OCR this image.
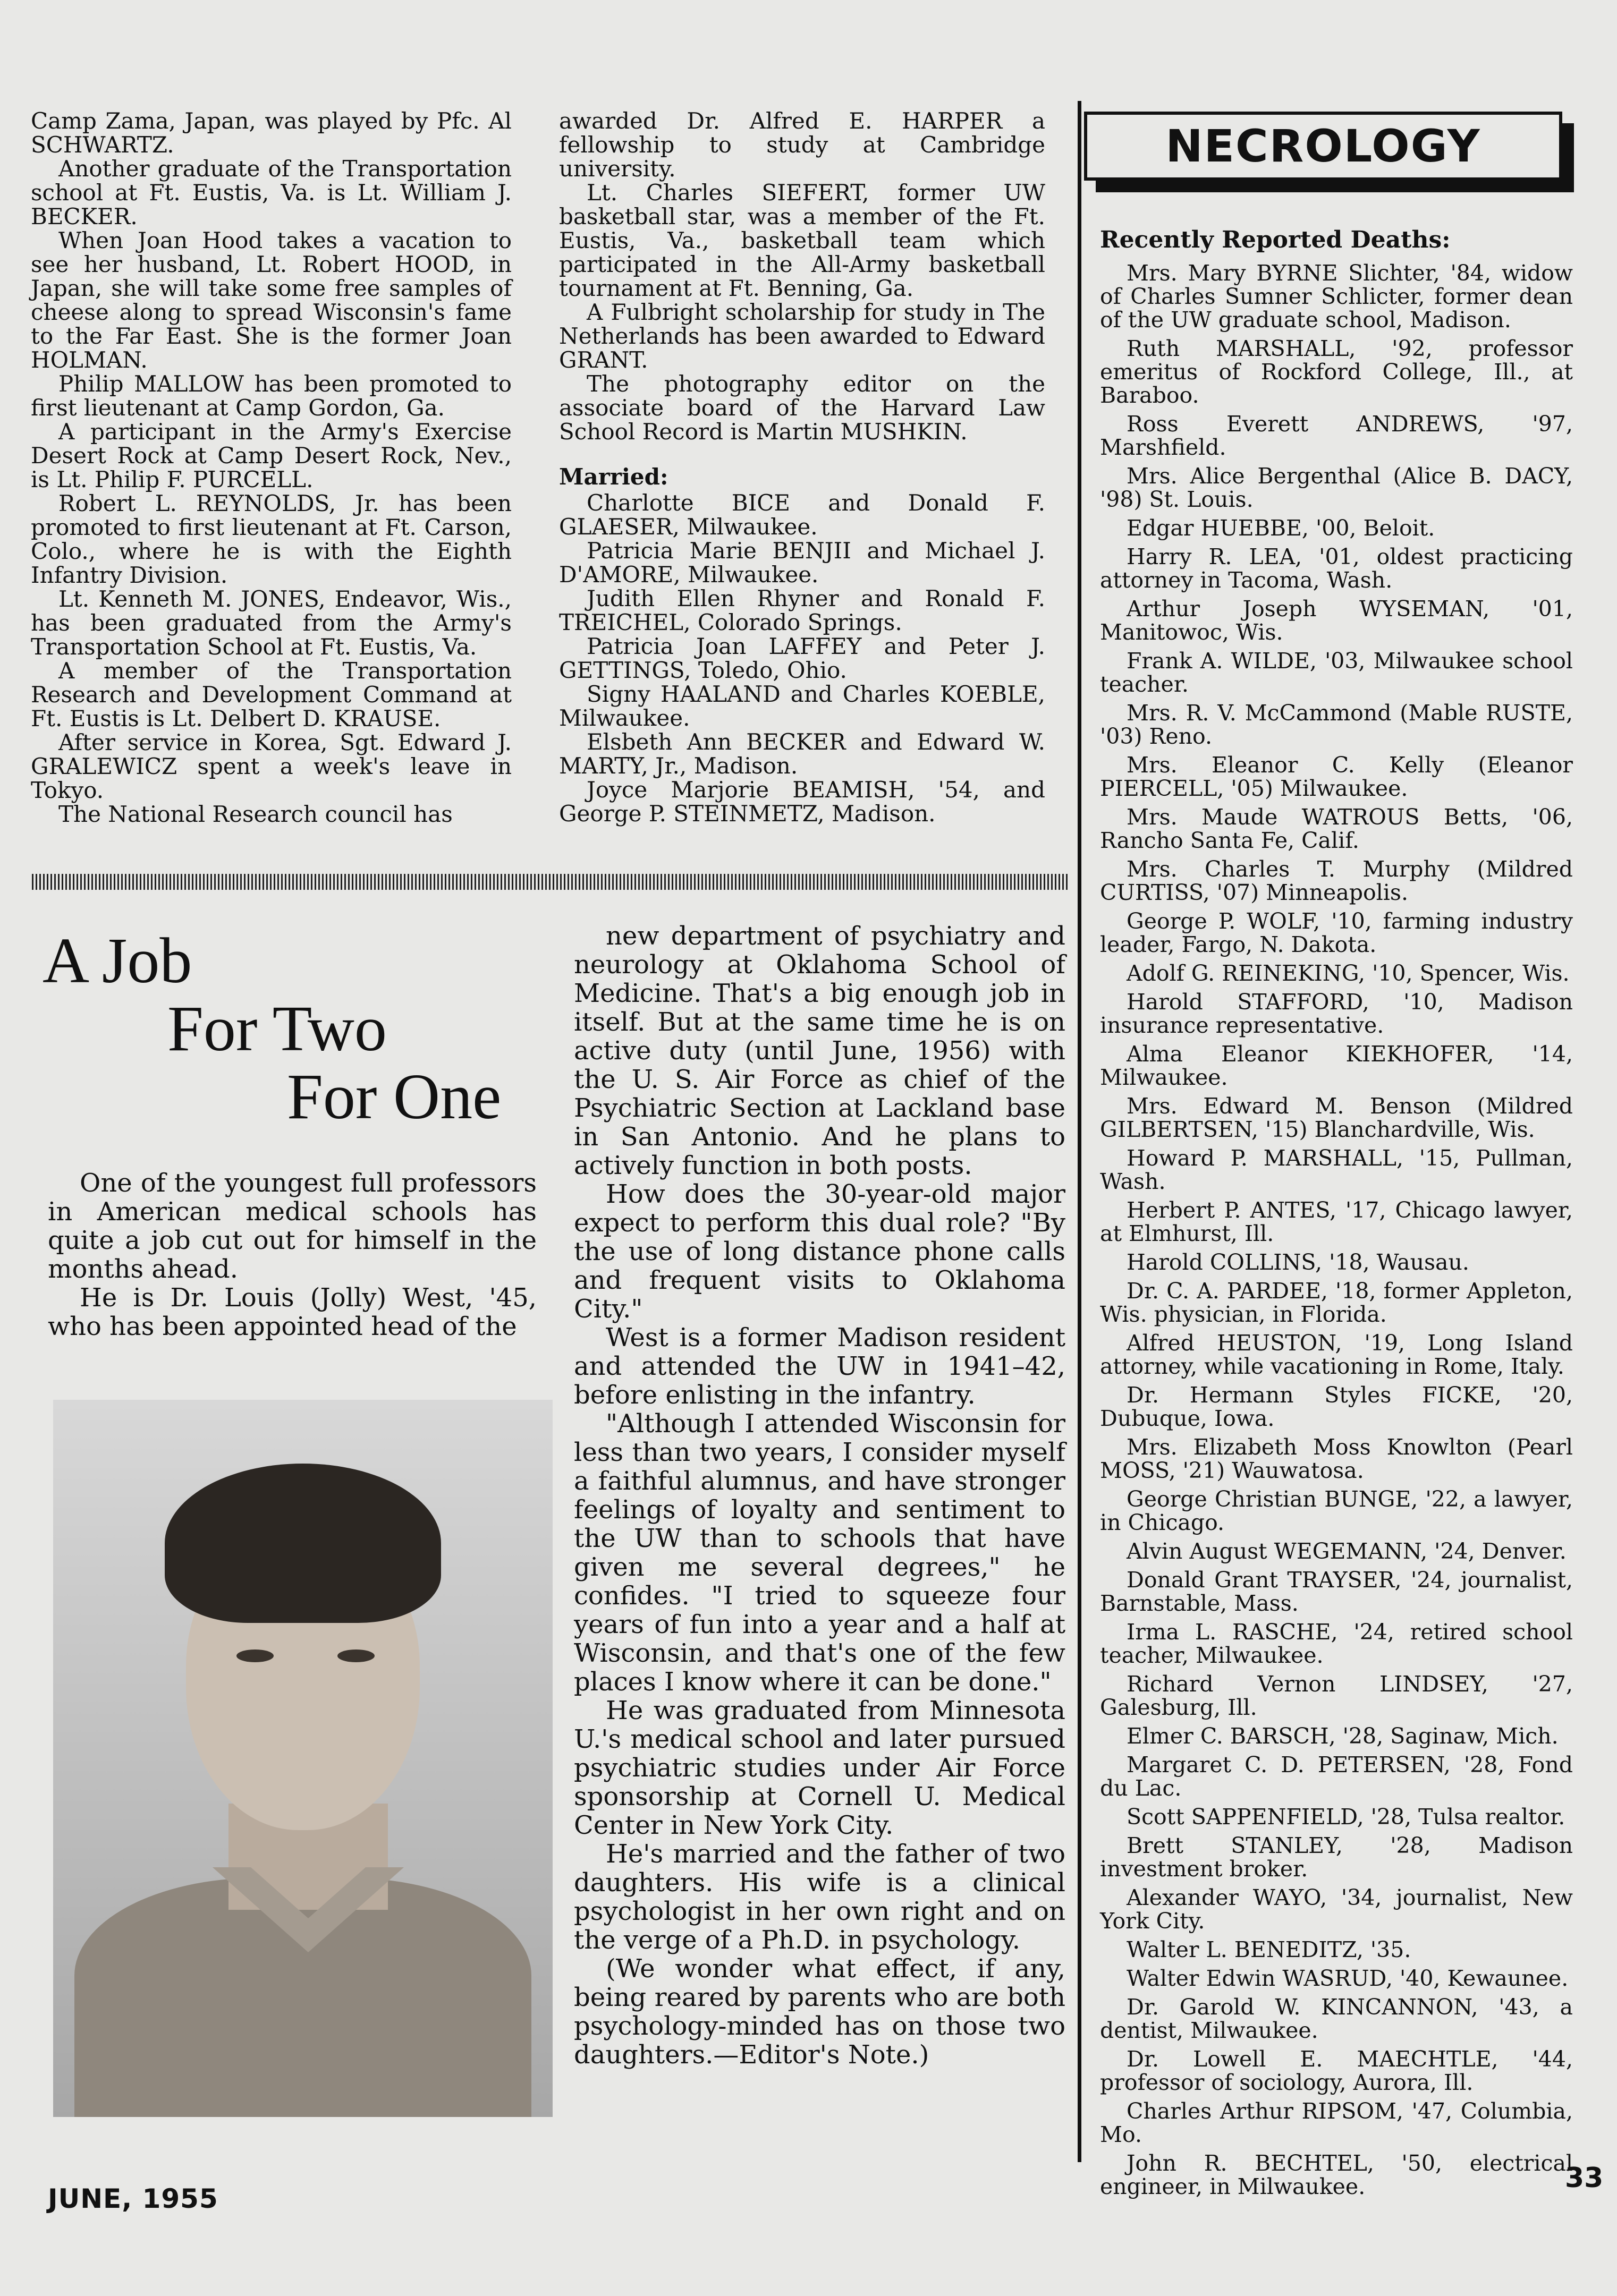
Camp Zama, Japan, was played by Pfc. Al SCHWARTZ.

Another graduate of the Transportation school at Ft. Eustis, Va. is Lt. William J. BECKER.

When Joan Hood takes a vacation to see her husband, Lt. Robert HOOD, in Japan, she will take some free samples of cheese along to spread Wisconsin's fame to the Far East. She is the former Joan HOLMAN.

Philip MALLOW has been promoted to first lieutenant at Camp Gordon, Ga.

A participant in the Army's Exercise Desert Rock at Camp Desert Rock, Nev., is Lt. Philip F. PURCELL.

Robert L. REYNOLDS, Jr. has been promoted to first lieutenant at Ft. Carson, Colo., where he is with the Eighth Infantry Division.

Lt. Kenneth M. JONES, Endeavor, Wis., has been graduated from the Army's Transportation School at Ft. Eustis, Va.

A member of the Transportation Research and Development Command at Ft. Eustis is Lt. Delbert D. KRAUSE.

After service in Korea, Sgt. Edward J. GRALEWICZ spent a week's leave in Tokyo.

The National Research council has

awarded Dr. Alfred E. HARPER a fellowship to study at Cambridge university.

Lt. Charles SIEFERT, former UW basketball star, was a member of the Ft. Eustis, Va., basketball team which participated in the All-Army basketball tournament at Ft. Benning, Ga.

A Fulbright scholarship for study in The Netherlands has been awarded to Edward GRANT.

The photography editor on the associate board of the Harvard Law School Record is Martin MUSHKIN.

Married:

Charlotte BICE and Donald F. GLAESER, Milwaukee.

Patricia Marie BENJII and Michael J. D'AMORE, Milwaukee.

Judith Ellen Rhyner and Ronald F. TREICHEL, Colorado Springs.

Patricia Joan LAFFEY and Peter J. GETTINGS, Toledo, Ohio.

Signy HAALAND and Charles KOEBLE, Milwaukee.

Elsbeth Ann BECKER and Edward W. MARTY, Jr., Madison.

Joyce Marjorie BEAMISH, '54, and George P. STEINMETZ, Madison.

A Job
For Two
For One

One of the youngest full professors in American medical schools has quite a job cut out for himself in the months ahead.

He is Dr. Louis (Jolly) West, '45, who has been appointed head of the

new department of psychiatry and neurology at Oklahoma School of Medicine. That's a big enough job in itself. But at the same time he is on active duty (until June, 1956) with the U. S. Air Force as chief of the Psychiatric Section at Lackland base in San Antonio. And he plans to actively function in both posts.

How does the 30-year-old major expect to perform this dual role? "By the use of long distance phone calls and frequent visits to Oklahoma City."

West is a former Madison resident and attended the UW in 1941–42, before enlisting in the infantry.

"Although I attended Wisconsin for less than two years, I consider myself a faithful alumnus, and have stronger feelings of loyalty and sentiment to the UW than to schools that have given me several degrees," he confides. "I tried to squeeze four years of fun into a year and a half at Wisconsin, and that's one of the few places I know where it can be done."

He was graduated from Minnesota U.'s medical school and later pursued psychiatric studies under Air Force sponsorship at Cornell U. Medical Center in New York City.

He's married and the father of two daughters. His wife is a clinical psychologist in her own right and on the verge of a Ph.D. in psychology.

(We wonder what effect, if any, being reared by parents who are both psychology-minded has on those two daughters.—Editor's Note.)

NECROLOGY
Recently Reported Deaths:

Mrs. Mary BYRNE Slichter, '84, widow of Charles Sumner Schlicter, former dean of the UW graduate school, Madison.

Ruth MARSHALL, '92, professor emeritus of Rockford College, Ill., at Baraboo.

Ross Everett ANDREWS, '97, Marshfield.

Mrs. Alice Bergenthal (Alice B. DACY, '98) St. Louis.

Edgar HUEBBE, '00, Beloit.

Harry R. LEA, '01, oldest practicing attorney in Tacoma, Wash.

Arthur Joseph WYSEMAN, '01, Manitowoc, Wis.

Frank A. WILDE, '03, Milwaukee school teacher.

Mrs. R. V. McCammond (Mable RUSTE, '03) Reno.

Mrs. Eleanor C. Kelly (Eleanor PIERCELL, '05) Milwaukee.

Mrs. Maude WATROUS Betts, '06, Rancho Santa Fe, Calif.

Mrs. Charles T. Murphy (Mildred CURTISS, '07) Minneapolis.

George P. WOLF, '10, farming industry leader, Fargo, N. Dakota.

Adolf G. REINEKING, '10, Spencer, Wis.

Harold STAFFORD, '10, Madison insurance representative.

Alma Eleanor KIEKHOFER, '14, Milwaukee.

Mrs. Edward M. Benson (Mildred GILBERTSEN, '15) Blanchardville, Wis.

Howard P. MARSHALL, '15, Pullman, Wash.

Herbert P. ANTES, '17, Chicago lawyer, at Elmhurst, Ill.

Harold COLLINS, '18, Wausau.

Dr. C. A. PARDEE, '18, former Appleton, Wis. physician, in Florida.

Alfred HEUSTON, '19, Long Island attorney, while vacationing in Rome, Italy.

Dr. Hermann Styles FICKE, '20, Dubuque, Iowa.

Mrs. Elizabeth Moss Knowlton (Pearl MOSS, '21) Wauwatosa.

George Christian BUNGE, '22, a lawyer, in Chicago.

Alvin August WEGEMANN, '24, Denver.

Donald Grant TRAYSER, '24, journalist, Barnstable, Mass.

Irma L. RASCHE, '24, retired school teacher, Milwaukee.

Richard Vernon LINDSEY, '27, Galesburg, Ill.

Elmer C. BARSCH, '28, Saginaw, Mich.

Margaret C. D. PETERSEN, '28, Fond du Lac.

Scott SAPPENFIELD, '28, Tulsa realtor.

Brett STANLEY, '28, Madison investment broker.

Alexander WAYO, '34, journalist, New York City.

Walter L. BENEDITZ, '35.

Walter Edwin WASRUD, '40, Kewaunee.

Dr. Garold W. KINCANNON, '43, a dentist, Milwaukee.

Dr. Lowell E. MAECHTLE, '44, professor of sociology, Aurora, Ill.

Charles Arthur RIPSOM, '47, Columbia, Mo.

John R. BECHTEL, '50, electrical engineer, in Milwaukee.

JUNE, 1955
33
